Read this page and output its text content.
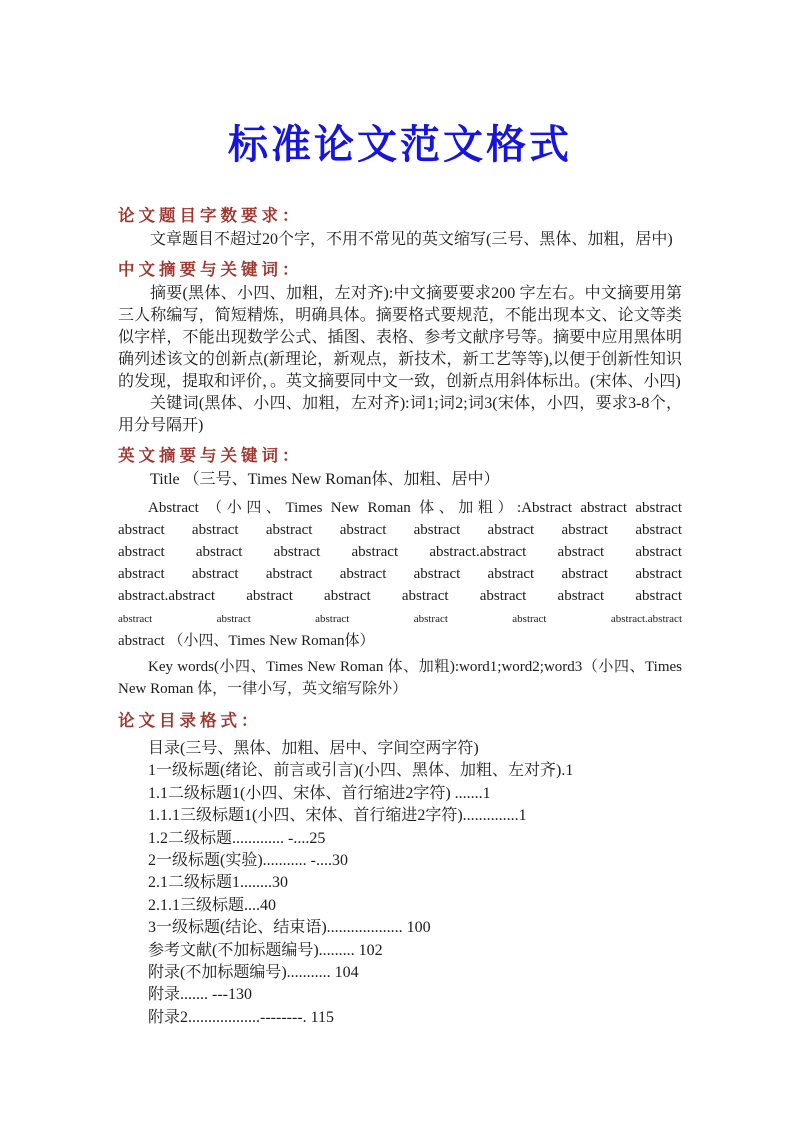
标准论文范文格式
论文题目字数要求：

文章题目不超过20个字，不用不常见的英文缩写(三号、黑体、加粗，居中)

中文摘要与关键词：

摘要(黑体、小四、加粗，左对齐):中文摘要要求200 字左右。中文摘要用第三人称编写，简短精炼，明确具体。摘要格式要规范，不能出现本文、论文等类似字样，不能出现数学公式、插图、表格、参考文献序号等。摘要中应用黑体明确列述该文的创新点(新理论，新观点，新技术，新工艺等等),以便于创新性知识的发现，提取和评价，。英文摘要同中文一致，创新点用斜体标出。(宋体、小四)

关键词(黑体、小四、加粗，左对齐):词1;词2;词3(宋体，小四，要求3-8个，用分号隔开)

英文摘要与关键词：

Title （三号、Times New Roman体、加粗、居中）

Abstract （小四、Times New Roman 体、加粗）:Abstract abstract abstract
abstract abstract abstract abstract abstract abstract abstract abstract
abstract abstract abstract abstract abstract.abstract abstract abstract
abstract abstract abstract abstract abstract abstract abstract abstract
abstract.abstract abstract abstract abstract abstract abstract abstract
abstract abstract abstract abstract abstract abstract.abstract
abstract （小四、Times New Roman体）

Key words(小四、Times New Roman 体、加粗):word1;word2;word3（小四、Times New Roman 体，一律小写，英文缩写除外）

论文目录格式：
目录(三号、黑体、加粗、居中、字间空两字符)
1一级标题(绪论、前言或引言)(小四、黑体、加粗、左对齐).1
1.1二级标题1(小四、宋体、首行缩进2字符) .......1
1.1.1三级标题1(小四、宋体、首行缩进2字符)..............1
1.2二级标题............. -....25
2一级标题(实验)........... -....30
2.1二级标题1........30
2.1.1三级标题....40
3一级标题(结论、结束语)................... 100
参考文献(不加标题编号)......... 102
附录(不加标题编号)........... 104
附录....... ---130
附录2..................--------. 115
